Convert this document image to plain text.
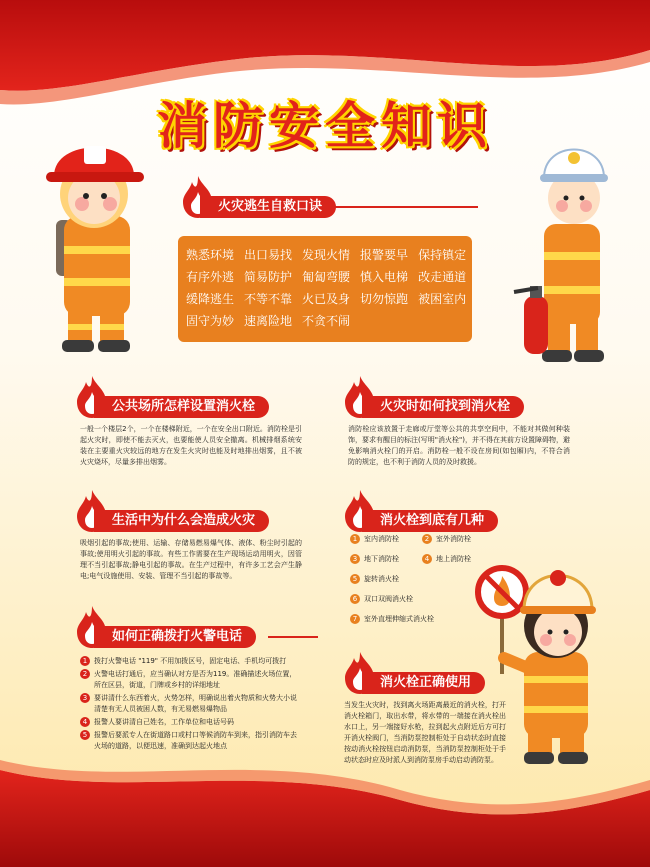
消防安全知识
火灾逃生自救口诀
熟悉环境 出口易找 发现火情 报警要早 保持镇定
有序外逃 简易防护 匍匐弯腰 慎入电梯 改走通道
缓降逃生 不等不靠 火已及身 切勿惊跑 被困室内
固守为妙 速离险地 不贪不闹
公共场所怎样设置消火栓
一般一个楼层2个，一个在楼梯附近，一个在安全出口附近。消防栓是引起火灾时，即使不能去灭火，也要能使人员安全撤离。机械排烟系统安装在主要重火灾较远的地方在发生火灾时也能及时地排出烟雾，且不被火灾烧坏，尽量多排出烟雾。
火灾时如何找到消火栓
消防栓应该放置于走廊或厅堂等公共的共享空间中，不能对其做何种装饰，要求有醒目的标注(写明"消火栓")，并不得在其前方设置障碍物，避免影响消火栓门的开启。消防栓一般不设在房间(如包厢)内，不符合消防的规定，也不利于消防人员的及时救援。
生活中为什么会造成火灾
吸烟引起的事故;使用、运输、存储易燃易爆气体、液体、粉尘时引起的事故;使用明火引起的事故。有些工作需要在生产现场运动用明火，因管理不当引起事故;静电引起的事故。在生产过程中，有许多工艺会产生静电;电气设施使用、安装、管理不当引起的事故等。
消火栓到底有几种
1 室内消防栓	2 室外消防栓
3 地下消防栓	4 地上消防栓
5 旋转消火栓
6 双口双阀消火栓
7 室外直埋伸缩式消火栓
如何正确拨打火警电话
1 拨打火警电话 "119" 不用加拨区号，固定电话、手机均可拨打
2 火警电话打通后，应当确认对方是否为119。准确描述火场位置，所在区县，街道，门牌或乡村的详细地址
3 要讲清什么东西着火，火势怎样，明确说出着火物质和火势大小说清楚有无人员被困人数，有无易燃易爆物品
4 报警人要讲清自己姓名，工作单位和电话号码
5 报警后要派专人在街道路口或村口等候消防车到来，指引消防车去火场的道路，以便迅速，准确到达起火地点
消火栓正确使用
当发生火灾时，找到离火场距离最近的消火栓，打开消火栓箱门，取出水带，将水带的一端接在消火栓出水口上，另一端接好水枪，拉到起火点附近后方可打开消火栓阀门，当消防泵控制柜处于自动状态时直接按动消火栓按钮启动消防泵，当消防泵控制柜处于手动状态时应及时派人到消防泵房手动启动消防泵。
